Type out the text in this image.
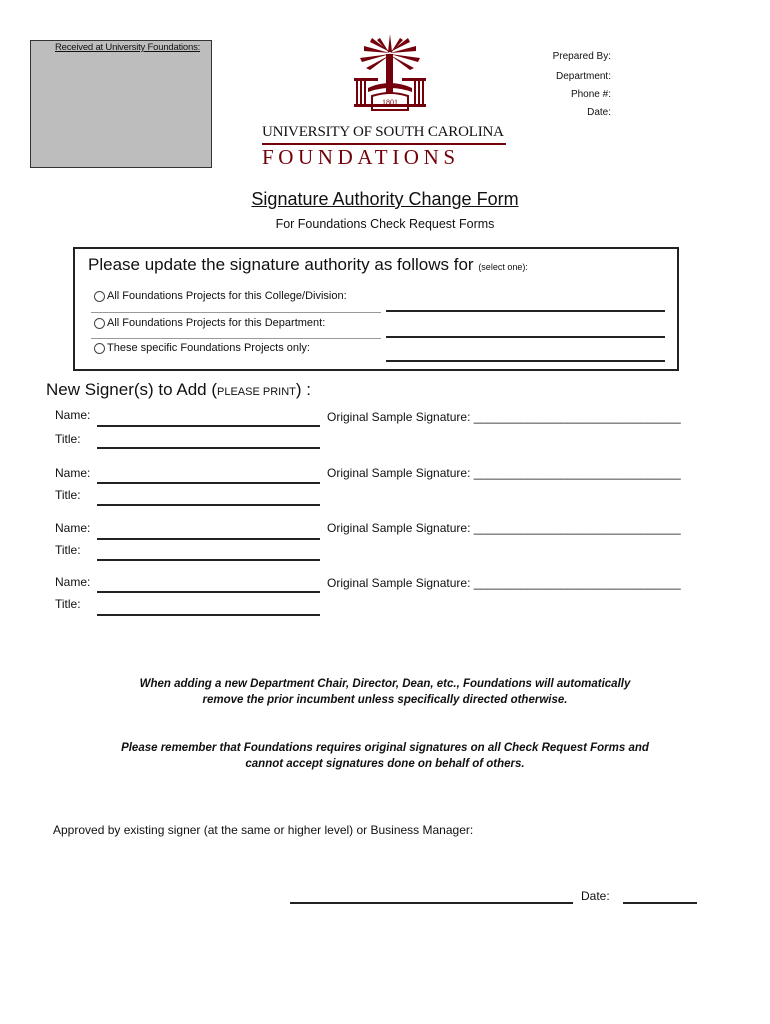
Received at University Foundations:
1801
UNIVERSITY OF SOUTH CAROLINA
FOUNDATIONS
Prepared By:
Department:
Phone #:
Date:
Signature Authority Change Form
For Foundations Check Request Forms
Please update the signature authority as follows for (select one):
All Foundations Projects for this College/Division:
All Foundations Projects for this Department:
These specific Foundations Projects only:
New Signer(s) to Add (PLEASE PRINT) :
Name:	Original Sample Signature: _______________________________
Title:
Name:	Original Sample Signature: _______________________________
Title:
Name:	Original Sample Signature: _______________________________
Title:
Name:	Original Sample Signature: _______________________________
Title:
When adding a new Department Chair, Director, Dean, etc., Foundations will automatically
remove the prior incumbent unless specifically directed otherwise.
Please remember that Foundations requires original signatures on all Check Request Forms and
cannot accept signatures done on behalf of others.
Approved by existing signer (at the same or higher level) or Business Manager:
Date:
